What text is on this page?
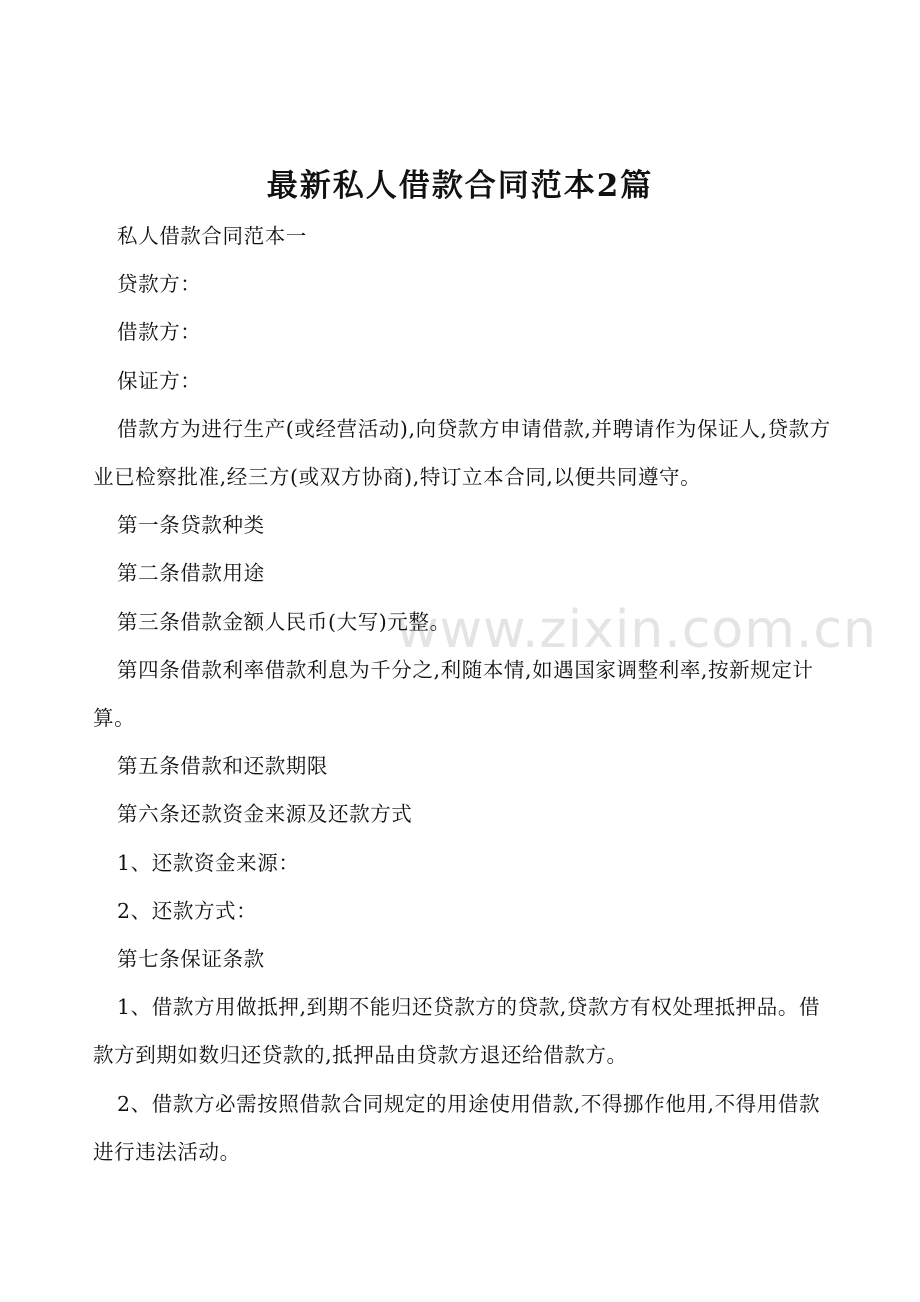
www.zixin.com.cn
最新私人借款合同范本2篇

私人借款合同范本一

贷款方：

借款方：

保证方：

借款方为进行生产(或经营活动),向贷款方申请借款,并聘请作为保证人,贷款方业已检察批准,经三方(或双方协商),特订立本合同,以便共同遵守。

第一条贷款种类

第二条借款用途

第三条借款金额人民币(大写)元整。

第四条借款利率借款利息为千分之,利随本情,如遇国家调整利率,按新规定计算。

第五条借款和还款期限

第六条还款资金来源及还款方式

1、还款资金来源：

2、还款方式：

第七条保证条款

1、借款方用做抵押,到期不能归还贷款方的贷款,贷款方有权处理抵押品。借款方到期如数归还贷款的,抵押品由贷款方退还给借款方。

2、借款方必需按照借款合同规定的用途使用借款,不得挪作他用,不得用借款进行违法活动。
